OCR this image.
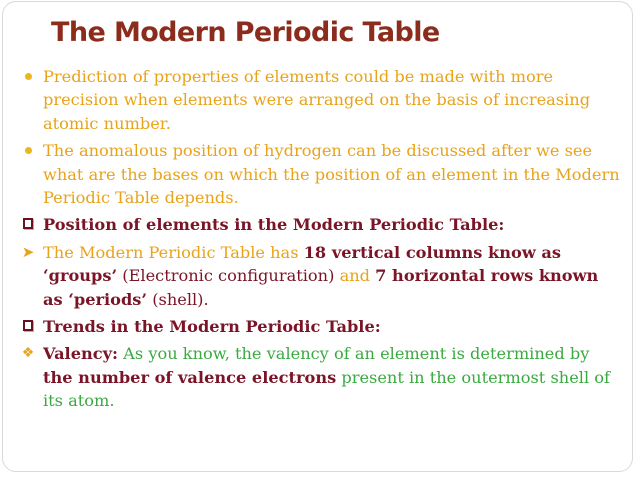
The Modern Periodic Table

Prediction of properties of elements could be made with more precision when elements were arranged on the basis of increasing atomic number.

The anomalous position of hydrogen can be discussed after we see what are the bases on which the position of an element in the Modern Periodic Table depends.

Position of elements in the Modern Periodic Table:

➤ The Modern Periodic Table has 18 vertical columns know as ‘groups’ (Electronic configuration) and 7 horizontal rows known as ‘periods’ (shell).

Trends in the Modern Periodic Table:

❖ Valency: As you know, the valency of an element is determined by the number of valence electrons present in the outermost shell of its atom.
